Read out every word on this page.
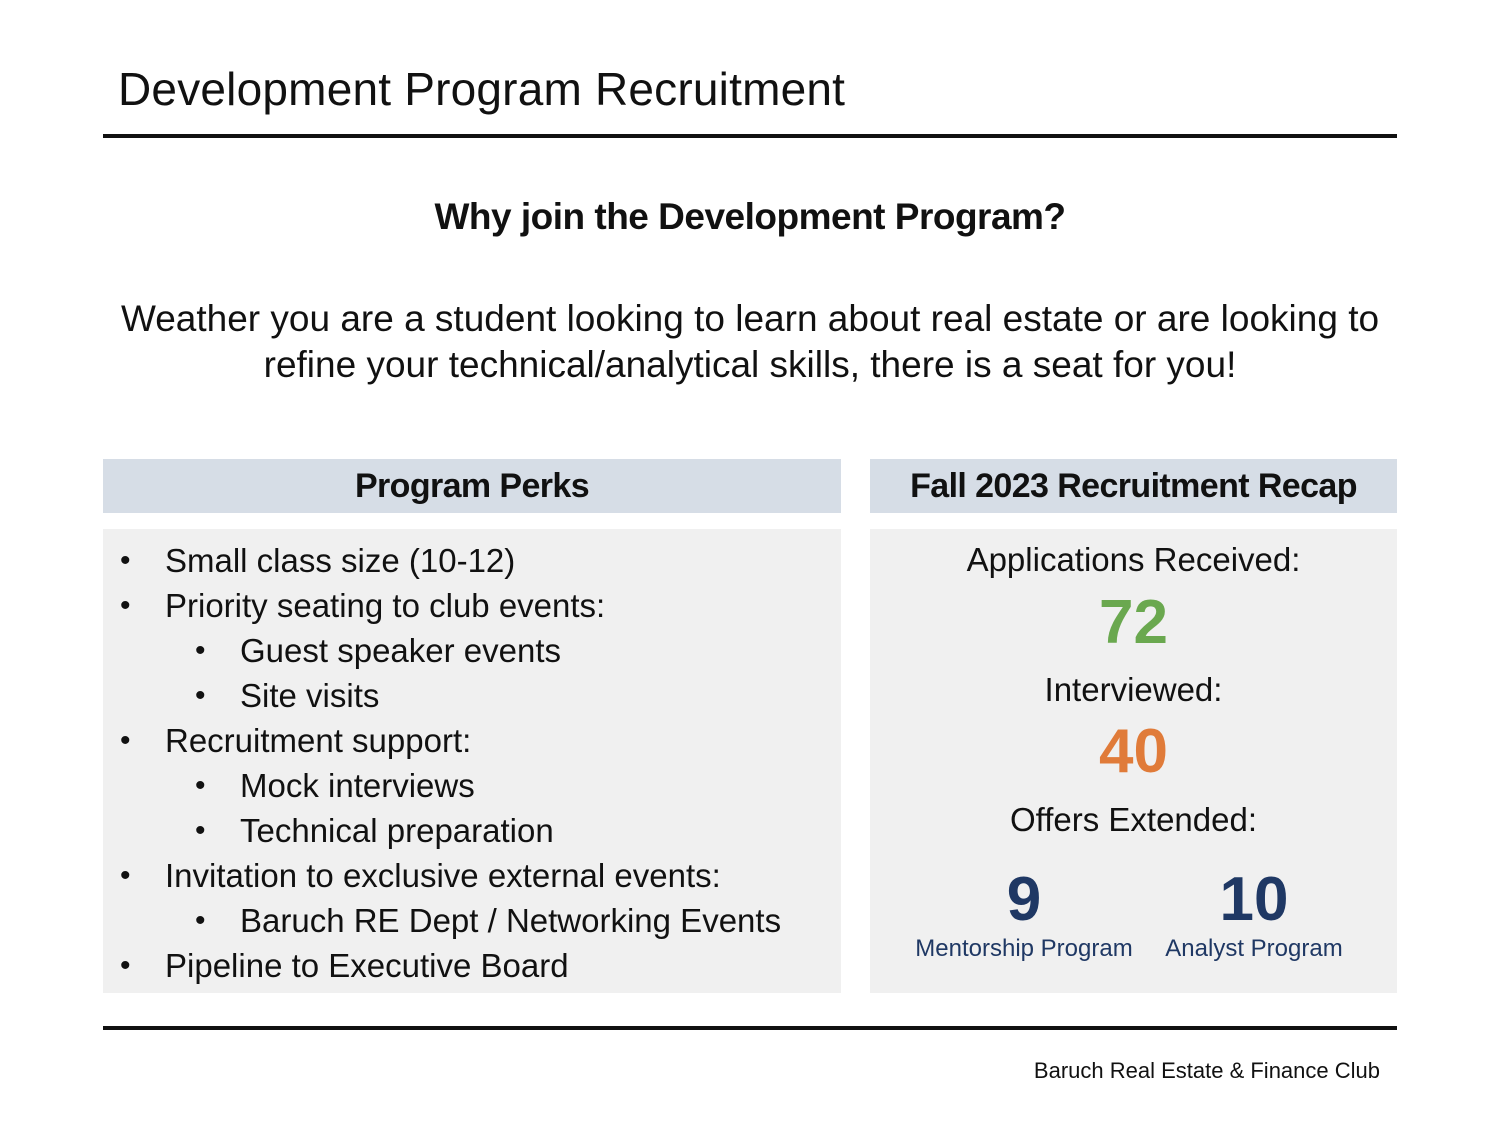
Development Program Recruitment
Why join the Development Program?
Weather you are a student looking to learn about real estate or are looking to refine your technical/analytical skills, there is a seat for you!
Program Perks	Fall 2023 Recruitment Recap
• Small class size (10-12)
• Priority seating to club events:
• Guest speaker events
• Site visits
• Recruitment support:
• Mock interviews
• Technical preparation
• Invitation to exclusive external events:
• Baruch RE Dept / Networking Events
• Pipeline to Executive Board
Applications Received:
72
Interviewed:
40
Offers Extended:
9
Mentorship Program
10
Analyst Program
Baruch Real Estate & Finance Club
